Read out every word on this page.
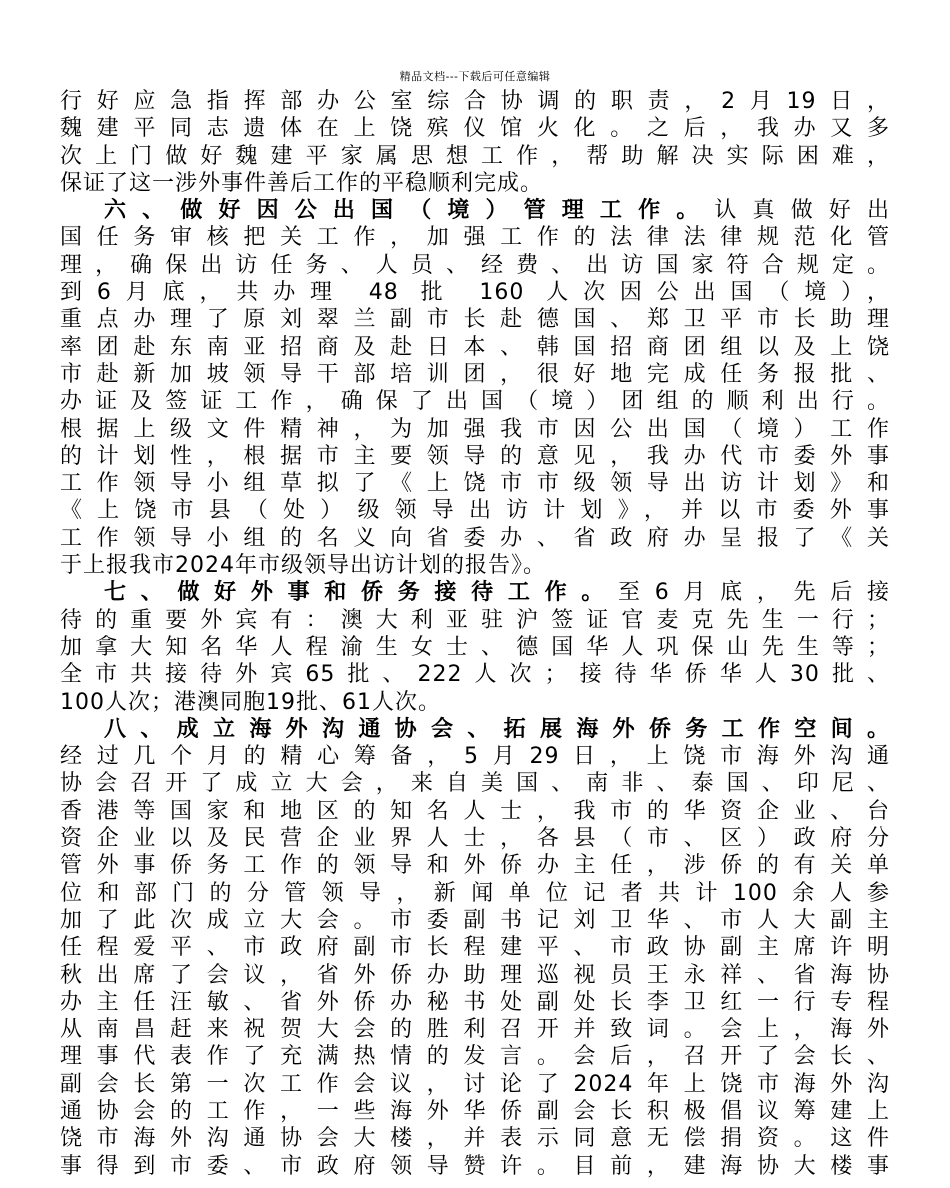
精品文档---下载后可任意编辑
行好应急指挥部办公室综合协调的职责，2月19日，
魏建平同志遗体在上饶殡仪馆火化。之后，我办又多
次上门做好魏建平家属思想工作，帮助解决实际困难，
保证了这一涉外事件善后工作的平稳顺利完成。
六、做好因公出国（境）管理工作。认真做好出
国任务审核把关工作，加强工作的法律法律规范化管
理，确保出访任务、人员、经费、出访国家符合规定。
到6月底，共办理 48 批 160 人次因公出国（境），
重点办理了原刘翠兰副市长赴德国、郑卫平市长助理
率团赴东南亚招商及赴日本、韩国招商团组以及上饶
市赴新加坡领导干部培训团，很好地完成任务报批、
办证及签证工作，确保了出国（境）团组的顺利出行。
根据上级文件精神，为加强我市因公出国（境）工作
的计划性，根据市主要领导的意见，我办代市委外事
工作领导小组草拟了《上饶市市级领导出访计划》和
《上饶市县（处）级领导出访计划》，并以市委外事
工作领导小组的名义向省委办、省政府办呈报了《关
于上报我市2024年市级领导出访计划的报告》。
七、做好外事和侨务接待工作。至6月底，先后接
待的重要外宾有：澳大利亚驻沪签证官麦克先生一行；
加拿大知名华人程渝生女士、德国华人巩保山先生等；
全市共接待外宾65批、222人次；接待华侨华人30批、
100人次；港澳同胞19批、61人次。
八、成立海外沟通协会、拓展海外侨务工作空间。
经过几个月的精心筹备，5月29日，上饶市海外沟通
协会召开了成立大会，来自美国、南非、泰国、印尼、
香港等国家和地区的知名人士，我市的华资企业、台
资企业以及民营企业界人士，各县（市、区）政府分
管外事侨务工作的领导和外侨办主任，涉侨的有关单
位和部门的分管领导，新闻单位记者共计100余人参
加了此次成立大会。市委副书记刘卫华、市人大副主
任程爱平、市政府副市长程建平、市政协副主席许明
秋出席了会议，省外侨办助理巡视员王永祥、省海协
办主任汪敏、省外侨办秘书处副处长李卫红一行专程
从南昌赶来祝贺大会的胜利召开并致词。会上，海外
理事代表作了充满热情的发言。会后，召开了会长、
副会长第一次工作会议，讨论了2024年上饶市海外沟
通协会的工作，一些海外华侨副会长积极倡议筹建上
饶市海外沟通协会大楼，并表示同意无偿捐资。这件
事得到市委、市政府领导赞许。目前，建海协大楼事
